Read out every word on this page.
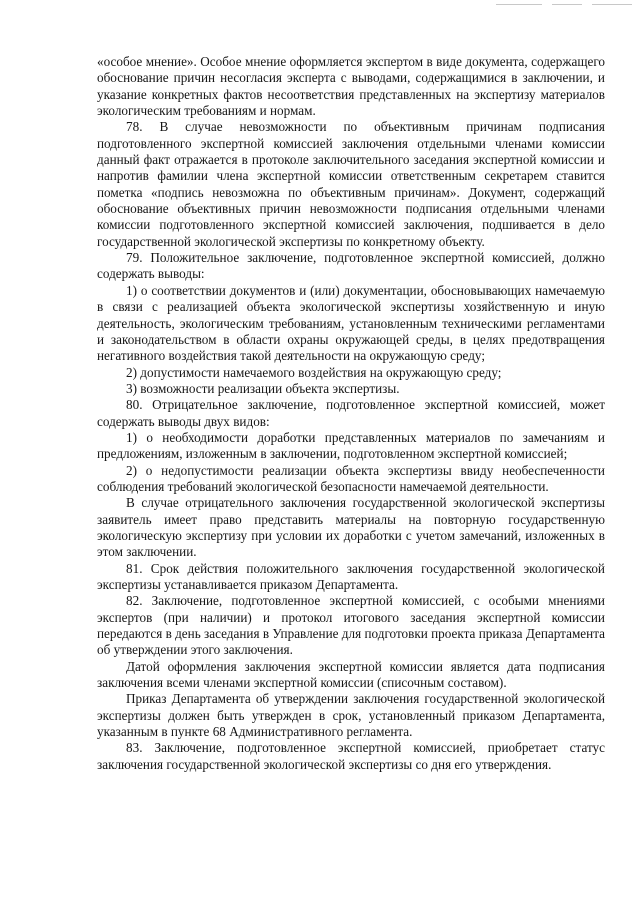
«особое мнение». Особое мнение оформляется экспертом в виде документа, содержащего обоснование причин несогласия эксперта с выводами, содержащимися в заключении, и указание конкретных фактов несоответствия представленных на экспертизу материалов экологическим требованиям и нормам.

78. В случае невозможности по объективным причинам подписания подготовленного экспертной комиссией заключения отдельными членами комиссии данный факт отражается в протоколе заключительного заседания экспертной комиссии и напротив фамилии члена экспертной комиссии ответственным секретарем ставится пометка «подпись невозможна по объективным причинам». Документ, содержащий обоснование объективных причин невозможности подписания отдельными членами комиссии подготовленного экспертной комиссией заключения, подшивается в дело государственной экологической экспертизы по конкретному объекту.

79. Положительное заключение, подготовленное экспертной комиссией, должно содержать выводы:

1) о соответствии документов и (или) документации, обосновывающих намечаемую в связи с реализацией объекта экологической экспертизы хозяйственную и иную деятельность, экологическим требованиям, установленным техническими регламентами и законодательством в области охраны окружающей среды, в целях предотвращения негативного воздействия такой деятельности на окружающую среду;

2) допустимости намечаемого воздействия на окружающую среду;

3) возможности реализации объекта экспертизы.

80. Отрицательное заключение, подготовленное экспертной комиссией, может содержать выводы двух видов:

1) о необходимости доработки представленных материалов по замечаниям и предложениям, изложенным в заключении, подготовленном экспертной комиссией;

2) о недопустимости реализации объекта экспертизы ввиду необеспеченности соблюдения требований экологической безопасности намечаемой деятельности.

В случае отрицательного заключения государственной экологической экспертизы заявитель имеет право представить материалы на повторную государственную экологическую экспертизу при условии их доработки с учетом замечаний, изложенных в этом заключении.

81. Срок действия положительного заключения государственной экологической экспертизы устанавливается приказом Департамента.

82. Заключение, подготовленное экспертной комиссией, с особыми мнениями экспертов (при наличии) и протокол итогового заседания экспертной комиссии передаются в день заседания в Управление для подготовки проекта приказа Департамента об утверждении этого заключения.

Датой оформления заключения экспертной комиссии является дата подписания заключения всеми членами экспертной комиссии (списочным составом).

Приказ Департамента об утверждении заключения государственной экологической экспертизы должен быть утвержден в срок, установленный приказом Департамента, указанным в пункте 68 Административного регламента.

83. Заключение, подготовленное экспертной комиссией, приобретает статус заключения государственной экологической экспертизы со дня его утверждения.
